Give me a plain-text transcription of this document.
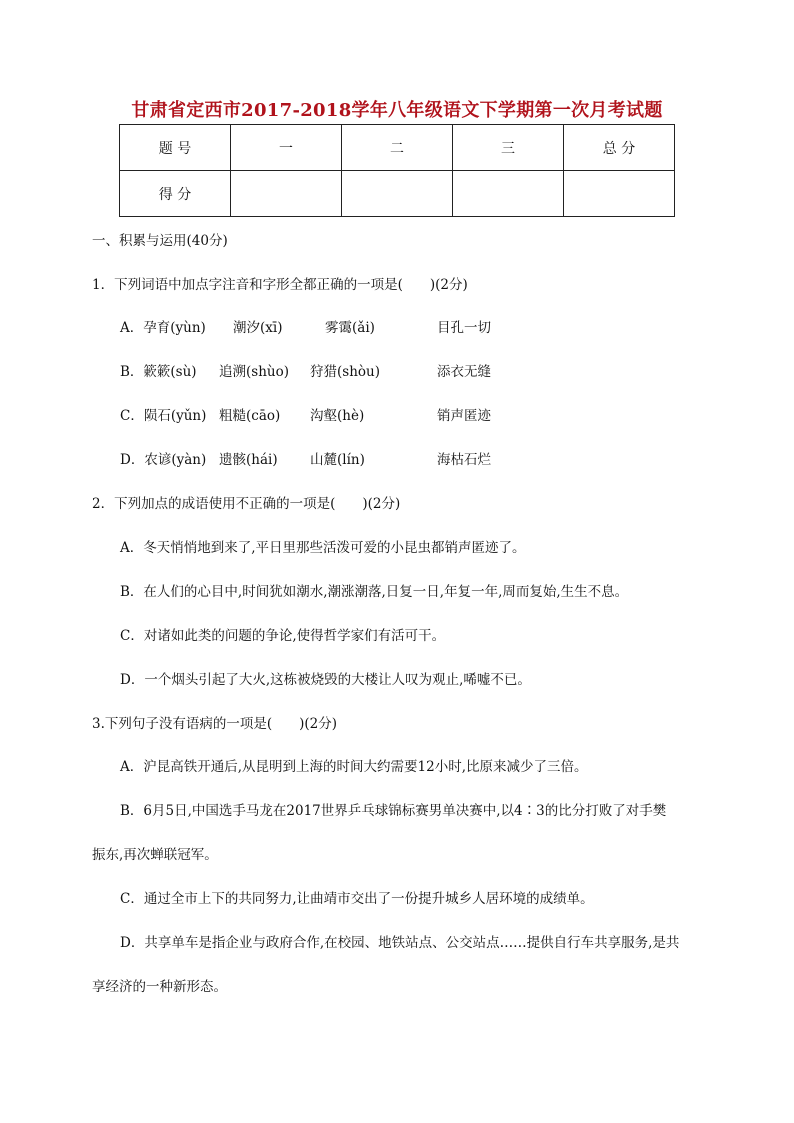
甘肃省定西市2017-2018学年八年级语文下学期第一次月考试题
题 号	一	二	三	总 分
得 分				
一、积累与运用(40分)
1．下列词语中加点字注音和字形全都正确的一项是(　　)(2分)
A．孕育(yùn) 潮汐(xī)	雾霭(ǎi)	目孔一切
B．簌簌(sù) 追溯(shùo) 狩猎(shòu)	添衣无缝
C．陨石(yǔn) 粗糙(cāo) 沟壑(hè)	销声匿迹
D．农谚(yàn) 遗骸(hái) 山麓(lín)	海枯石烂
2．下列加点的成语使用不正确的一项是(　　)(2分)
A．冬天悄悄地到来了,平日里那些活泼可爱的小昆虫都销声匿迹了。
B．在人们的心目中,时间犹如潮水,潮涨潮落,日复一日,年复一年,周而复始,生生不息。
C．对诸如此类的问题的争论,使得哲学家们有活可干。
D．一个烟头引起了大火,这栋被烧毁的大楼让人叹为观止,唏嘘不已。
3.下列句子没有语病的一项是(　　)(2分)
A．沪昆高铁开通后,从昆明到上海的时间大约需要12小时,比原来减少了三倍。
B．6月5日,中国选手马龙在2017世界乒乓球锦标赛男单决赛中,以4∶3的比分打败了对手樊
振东,再次蝉联冠军。
C．通过全市上下的共同努力,让曲靖市交出了一份提升城乡人居环境的成绩单。
D．共享单车是指企业与政府合作,在校园、地铁站点、公交站点……提供自行车共享服务,是共
享经济的一种新形态。
